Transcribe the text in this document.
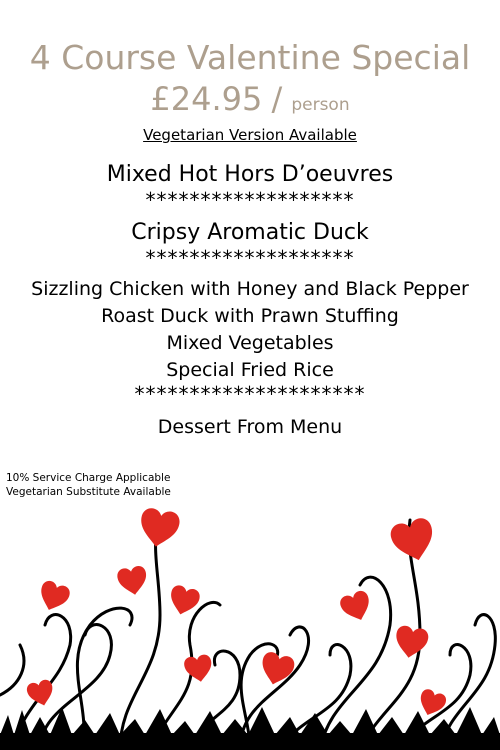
4 Course Valentine Special
£24.95 / person
Vegetarian Version Available
Mixed Hot Hors D’oeuvres
*******************
Cripsy Aromatic Duck
*******************
Sizzling Chicken with Honey and Black Pepper
Roast Duck with Prawn Stuffing
Mixed Vegetables
Special Fried Rice
*********************
Dessert From Menu
10% Service Charge Applicable
Vegetarian Substitute Available
